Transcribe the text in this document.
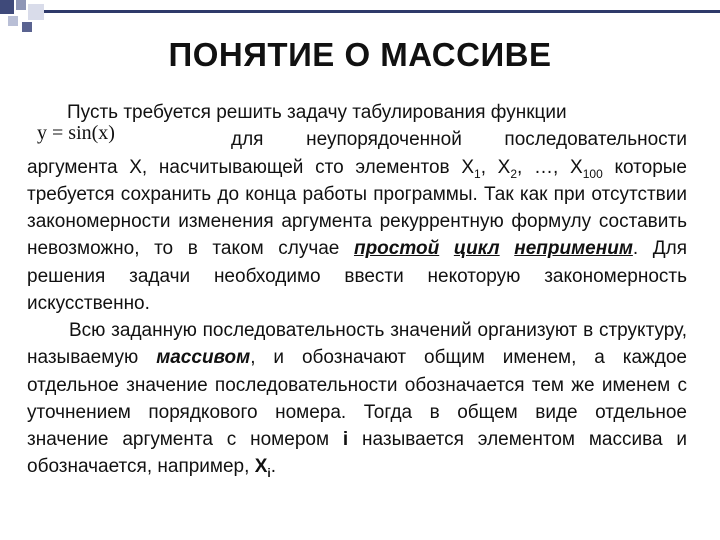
ПОНЯТИЕ О МАССИВЕ
Пусть требуется решить задачу табулирования функции
y = sin(x)	для неупорядоченной последовательности аргумента X, насчитывающей сто элементов $X_1$, $X_2$, …, $X_{100}$ которые требуется сохранить до конца работы программы. Так как при отсутствии закономерности изменения аргумента рекуррентную формулу составить невозможно, то в таком случае простой цикл неприменим. Для решения задачи необходимо ввести некоторую закономерность искусственно.
Всю заданную последовательность значений организуют в структуру, называемую массивом, и обозначают общим именем, а каждое отдельное значение последовательности обозначается тем же именем с уточнением порядкового номера. Тогда в общем виде отдельное значение аргумента с номером i называется элементом массива и обозначается, например, $X_i$.
